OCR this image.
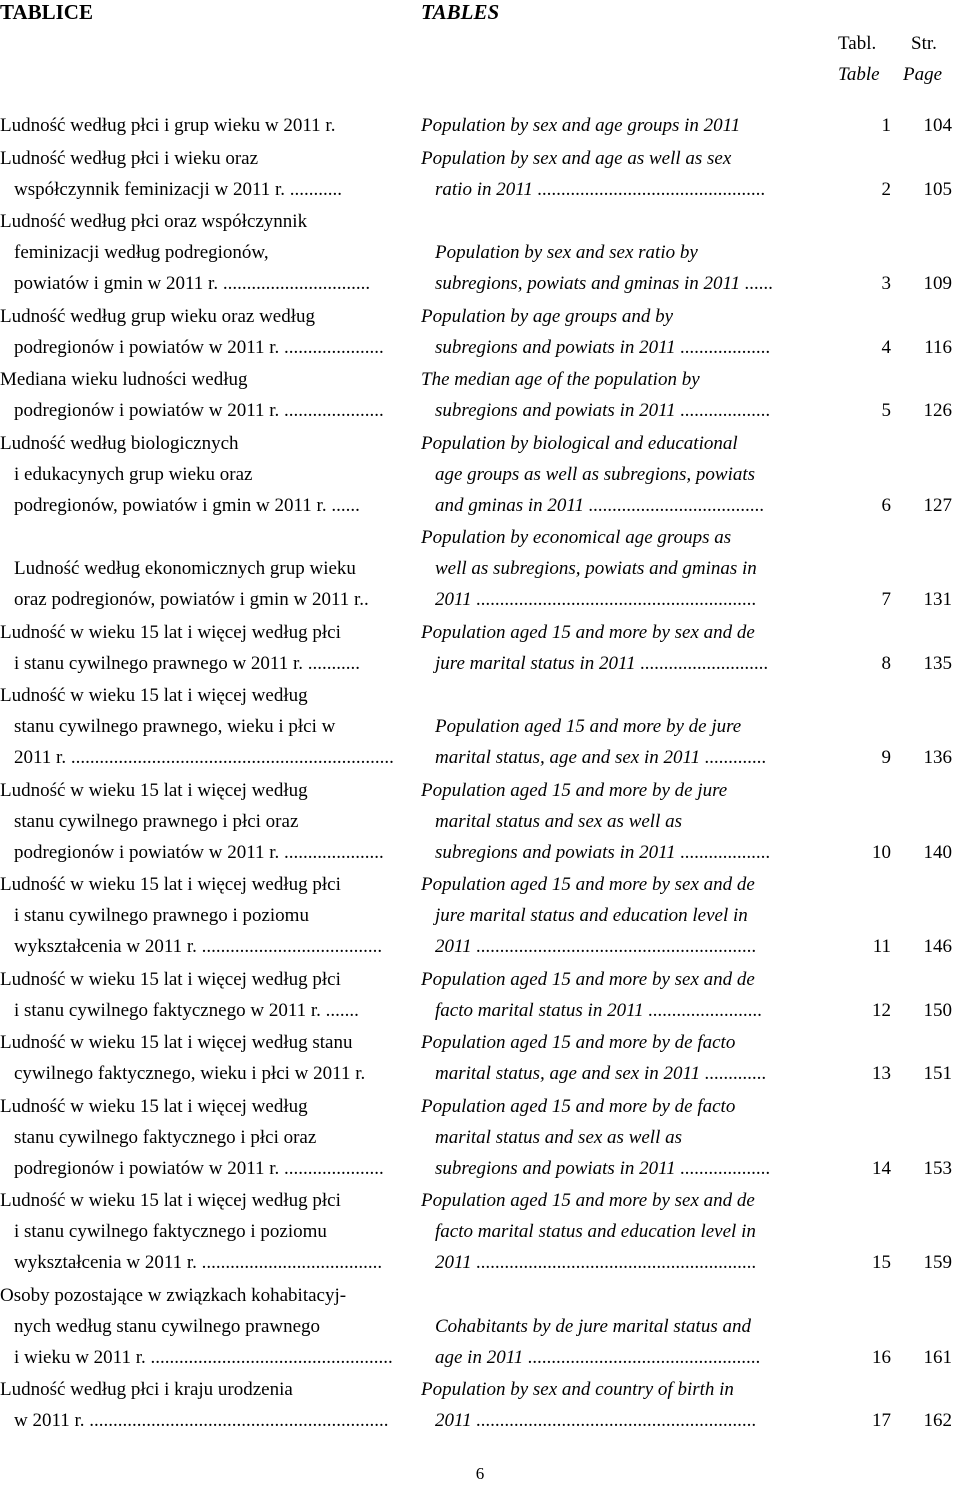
TABLICE	TABLES
Tabl. Str.
Table Page
Ludność według płci i grup wieku w 2011 r.	Population by sex and age groups in 2011	1	104
Ludność według płci i wieku oraz
współczynnik feminizacji w 2011 r. ...........
Population by sex and age as well as sex
ratio in 2011 ................................................	2	105
Ludność według płci oraz współczynnik
feminizacji według podregionów,
powiatów i gmin w 2011 r. ...............................
Population by sex and sex ratio by
subregions, powiats and gminas in 2011 ......	3	109
Ludność według grup wieku oraz według
podregionów i powiatów w 2011 r. .....................
Population by age groups and by
subregions and powiats in 2011 ...................	4	116
Mediana wieku ludności według
podregionów i powiatów w 2011 r. .....................
The median age of the population by
subregions and powiats in 2011 ...................	5	126
Ludność według biologicznych
i edukacynych grup wieku oraz
podregionów, powiatów i gmin w 2011 r. ......
Population by biological and educational
age groups as well as subregions, powiats
and gminas in 2011 .....................................	6	127
Ludność według ekonomicznych grup wieku
oraz podregionów, powiatów i gmin w 2011 r..
Population by economical age groups as
well as subregions, powiats and gminas in
2011 ...........................................................	7	131
Ludność w wieku 15 lat i więcej według płci
i stanu cywilnego prawnego w 2011 r. ...........
Population aged 15 and more by sex and de
jure marital status in 2011 ...........................	8	135
Ludność w wieku 15 lat i więcej według
stanu cywilnego prawnego, wieku i płci w
2011 r. ....................................................................
Population aged 15 and more by de jure
marital status, age and sex in 2011 .............	9	136
Ludność w wieku 15 lat i więcej według
stanu cywilnego prawnego i płci oraz
podregionów i powiatów w 2011 r. .....................
Population aged 15 and more by de jure
marital status and sex as well as
subregions and powiats in 2011 ...................	10	140
Ludność w wieku 15 lat i więcej według płci
i stanu cywilnego prawnego i poziomu
wykształcenia w 2011 r. ......................................
Population aged 15 and more by sex and de
jure marital status and education level in
2011 ...........................................................	11	146
Ludność w wieku 15 lat i więcej według płci
i stanu cywilnego faktycznego w 2011 r. .......
Population aged 15 and more by sex and de
facto marital status in 2011 ........................	12	150
Ludność w wieku 15 lat i więcej według stanu
cywilnego faktycznego, wieku i płci w 2011 r.
Population aged 15 and more by de facto
marital status, age and sex in 2011 .............	13	151
Ludność w wieku 15 lat i więcej według
stanu cywilnego faktycznego i płci oraz
podregionów i powiatów w 2011 r. .....................
Population aged 15 and more by de facto
marital status and sex as well as
subregions and powiats in 2011 ...................	14	153
Ludność w wieku 15 lat i więcej według płci
i stanu cywilnego faktycznego i poziomu
wykształcenia w 2011 r. ......................................
Population aged 15 and more by sex and de
facto marital status and education level in
2011 ...........................................................	15	159
Osoby pozostające w związkach kohabitacyj-
nych według stanu cywilnego prawnego
i wieku w 2011 r. ...................................................
Cohabitants by de jure marital status and
age in 2011 .................................................	16	161
Ludność według płci i kraju urodzenia
w 2011 r. ...............................................................
Population by sex and country of birth in
2011 ...........................................................	17	162
6
